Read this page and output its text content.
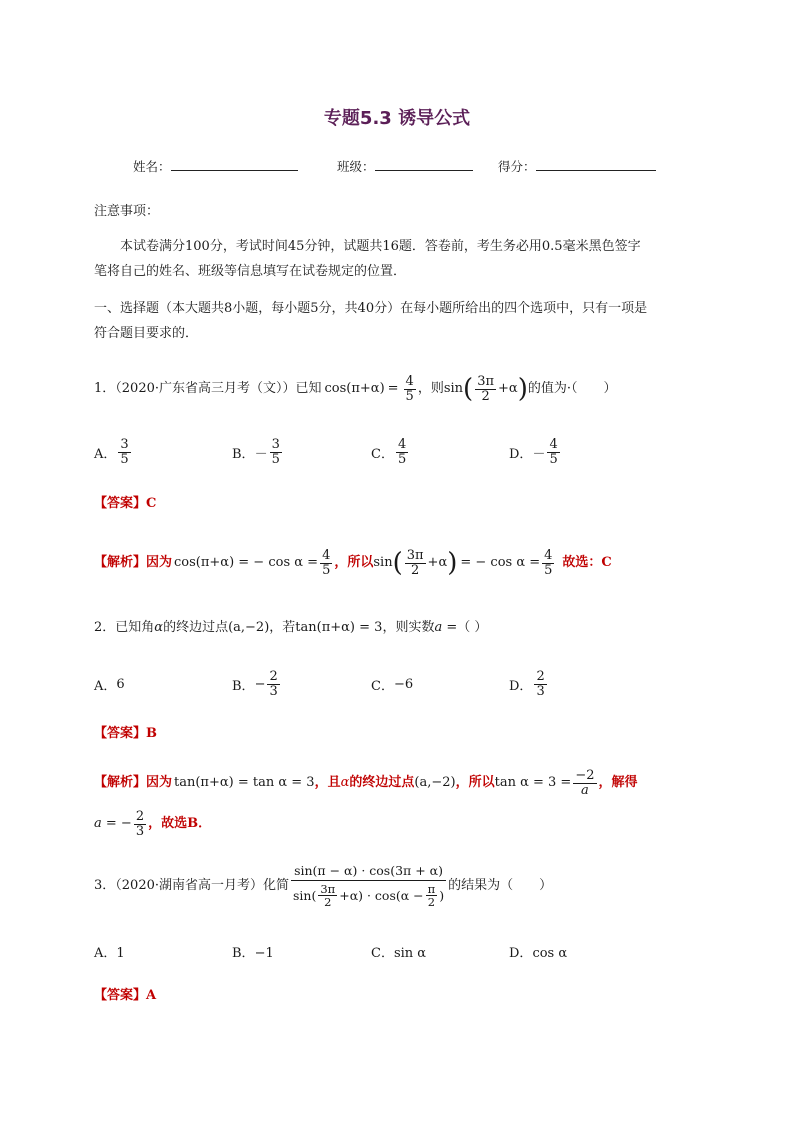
专题5.3 诱导公式
姓名：	班级：	得分：
注意事项：
本试卷满分100分，考试时间45分钟，试题共16题．答卷前，考生务必用0.5毫米黑色签字
笔将自己的姓名、班级等信息填写在试卷规定的位置．
一、选择题（本大题共8小题，每小题5分，共40分）在每小题所给出的四个选项中，只有一项是
符合题目要求的．
1．（2020·广东省高三月考（文））已知 $\cos(\pi+\alpha) = \frac{4}{5}$ ，则 sin ( $\frac{3\pi}{2} +\alpha$ ) 的值为·（　　）
A． $\frac{3}{5}$	B． － $\frac{3}{5}$	C． $\frac{4}{5}$	D． － $\frac{4}{5}$
【答案】C
【解析】因为 cos(π+α) = − $\cos \alpha = \frac{4}{5}$ ，所以 sin ( $\frac{3\pi}{2} +\alpha$ ) = − $\cos \alpha = \frac{4}{5}$ 故选：C
2．已知角 α 的终边过点 (a,−2) ，若 tan(π+α) = 3 ，则实数 a = （ ）
A． 6	B． − $\frac{2}{3}$	C． −6	D． $\frac{2}{3}$
【答案】B
【解析】因为 tan(π+α) = tan α = 3 ，且 α 的终边过点 (a,−2) ，所以 $\tan \alpha = 3 = \frac{-2}{a}$ ，解得
a = − $\frac{2}{3}$ ，故选B．
3．（2020·湖南省高一月考）化简 $\frac{\sin(\pi - \alpha) \cdot \cos(3\pi + \alpha)}{\sin( \frac{3\pi}{2} +\alpha) \cdot \cos(\alpha - \frac{\pi}{2} )}$ 的结果为（　　）
A．1	B．−1	C．sin α	D．cos α
【答案】A
